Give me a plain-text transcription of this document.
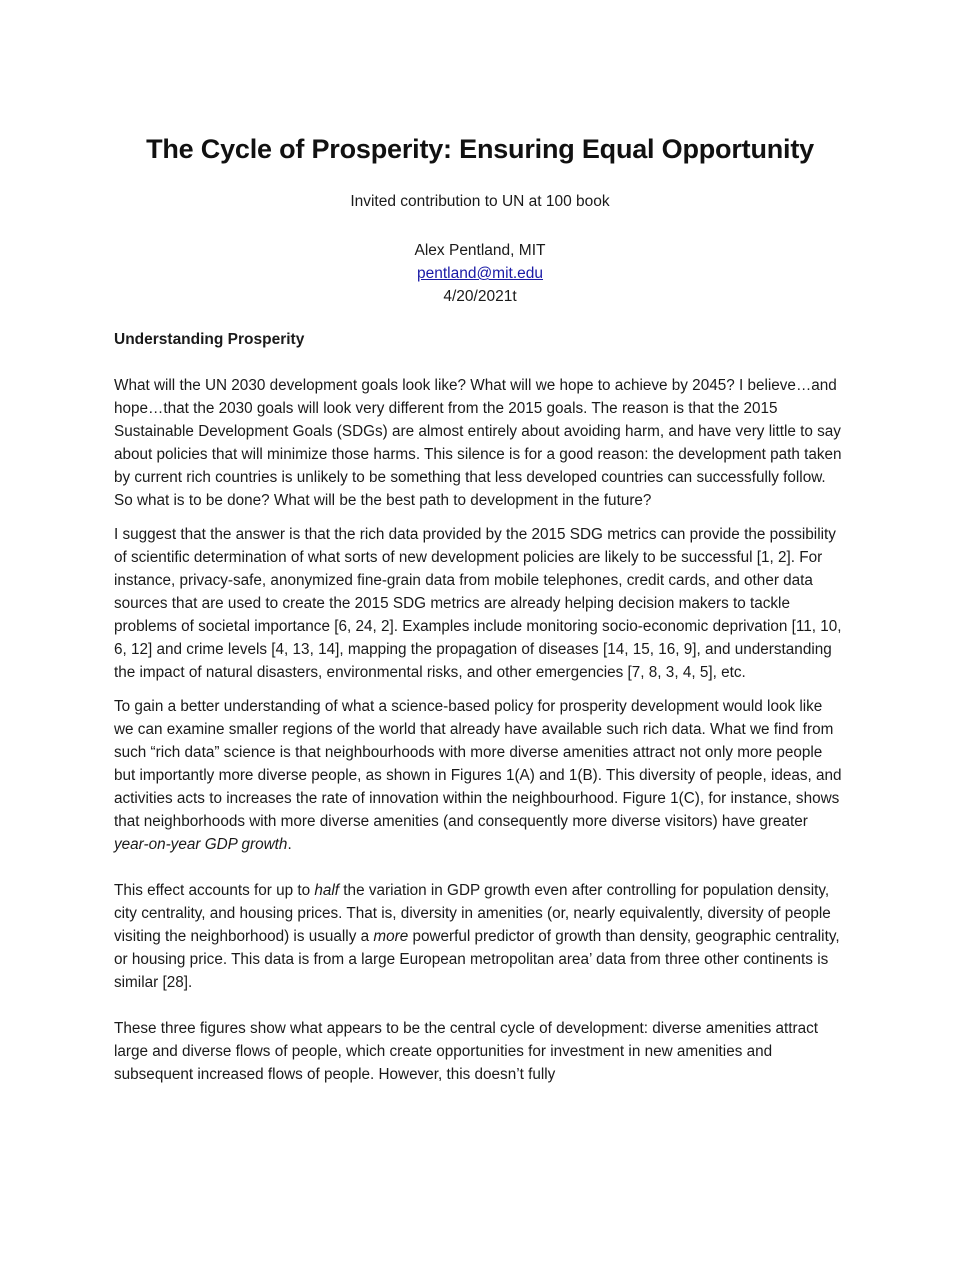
The Cycle of Prosperity: Ensuring Equal Opportunity
Invited contribution to UN at 100 book
Alex Pentland, MIT
pentland@mit.edu
4/20/2021t
Understanding Prosperity

What will the UN 2030 development goals look like? What will we hope to achieve by 2045? I believe…and hope…that the 2030 goals will look very different from the 2015 goals. The reason is that the 2015 Sustainable Development Goals (SDGs) are almost entirely about avoiding harm, and have very little to say about policies that will minimize those harms. This silence is for a good reason: the development path taken by current rich countries is unlikely to be something that less developed countries can successfully follow. So what is to be done? What will be the best path to development in the future?

I suggest that the answer is that the rich data provided by the 2015 SDG metrics can provide the possibility of scientific determination of what sorts of new development policies are likely to be successful [1, 2]. For instance, privacy-safe, anonymized fine-grain data from mobile telephones, credit cards, and other data sources that are used to create the 2015 SDG metrics are already helping decision makers to tackle problems of societal importance [6, 24, 2]. Examples include monitoring socio-economic deprivation [11, 10, 6, 12] and crime levels [4, 13, 14], mapping the propagation of diseases [14, 15, 16, 9], and understanding the impact of natural disasters, environmental risks, and other emergencies [7, 8, 3, 4, 5], etc.

To gain a better understanding of what a science-based policy for prosperity development would look like we can examine smaller regions of the world that already have available such rich data. What we find from such “rich data” science is that neighbourhoods with more diverse amenities attract not only more people but importantly more diverse people, as shown in Figures 1(A) and 1(B). This diversity of people, ideas, and activities acts to increases the rate of innovation within the neighbourhood. Figure 1(C), for instance, shows that neighborhoods with more diverse amenities (and consequently more diverse visitors) have greater year-on-year GDP growth.

This effect accounts for up to half the variation in GDP growth even after controlling for population density, city centrality, and housing prices. That is, diversity in amenities (or, nearly equivalently, diversity of people visiting the neighborhood) is usually a more powerful predictor of growth than density, geographic centrality, or housing price. This data is from a large European metropolitan area’ data from three other continents is similar [28].

These three figures show what appears to be the central cycle of development: diverse amenities attract large and diverse flows of people, which create opportunities for investment in new amenities and subsequent increased flows of people. However, this doesn’t fully
